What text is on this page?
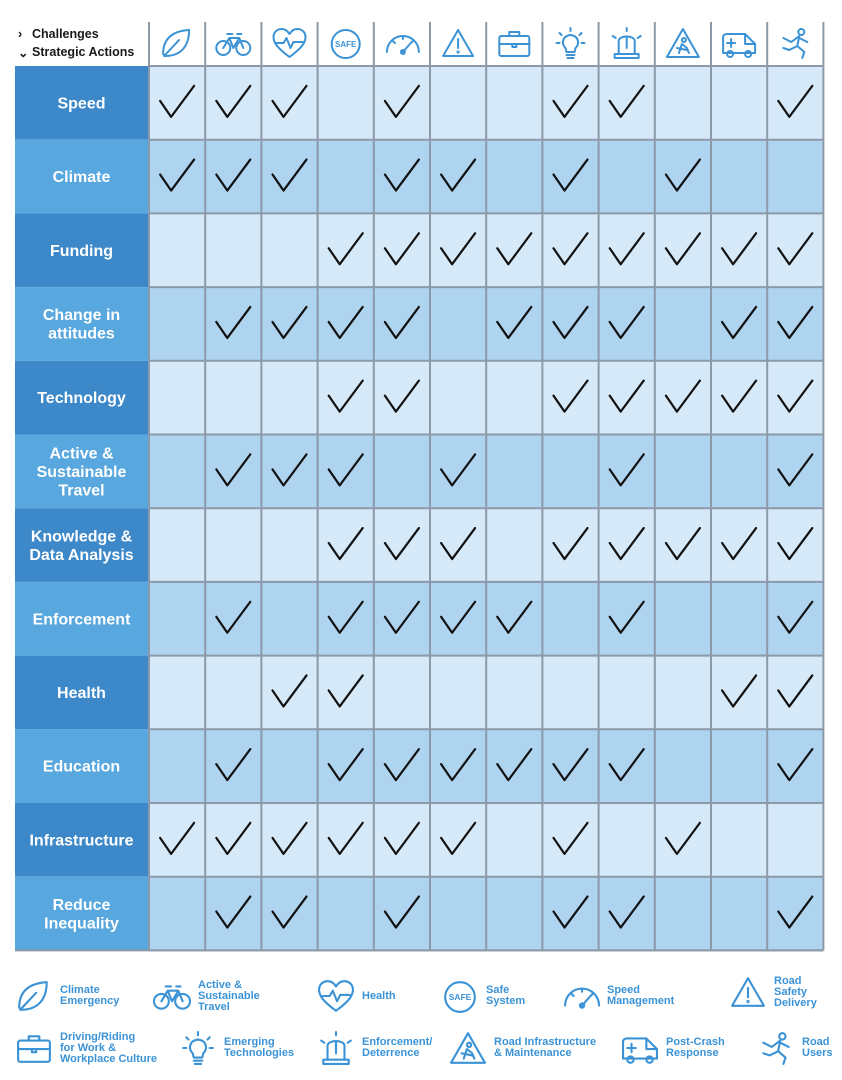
› Challenges
⌄ Strategic Actions
SAFE
Speed
Climate
Funding
Change in attitudes
Technology
Active & Sustainable Travel
Knowledge & Data Analysis
Enforcement
Health
Education
Infrastructure
Reduce Inequality
Climate
Emergency
Active &
Sustainable
Travel
Health	SAFE
Safe
System
Speed
Management
Road
Safety
Delivery
Driving/Riding
for Work &
Workplace Culture
Emerging
Technologies
Enforcement/
Deterrence
Road Infrastructure
& Maintenance
Post-Crash
Response
Road
Users
